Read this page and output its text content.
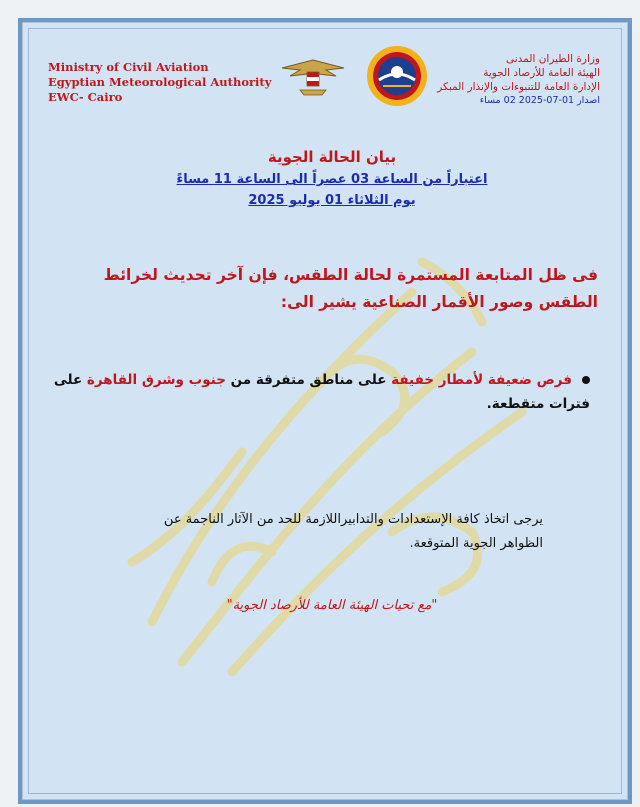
Ministry of Civil Aviation
Egyptian Meteorological Authority
EWC- Cairo
وزارة الطيران المدنى
الهيئة العامة للأرصاد الجوية
الإدارة العامة للتنبوءات والإنذار المبكر
اصدار 01-07-2025 02 مساء
بيان الحالة الجوية
اعتباراً من الساعة 03 عصراً الى الساعة 11 مساءً
يوم الثلاثاء 01 يوليو 2025
فى ظل المتابعة المستمرة لحالة الطقس، فإن آخر تحديث لخرائط الطقس وصور الأقمار الصناعية يشير الى:
فرص ضعيفة لأمطار خفيفة على مناطق متفرقة من جنوب وشرق القاهرة على فترات متقطعة.
يرجى اتخاذ كافة الإستعدادات والتدابيراللازمة للحد من الآثار الناجمة عن الظواهر الجوية المتوقعة.
"مع تحيات الهيئة العامة للأرصاد الجوية"
